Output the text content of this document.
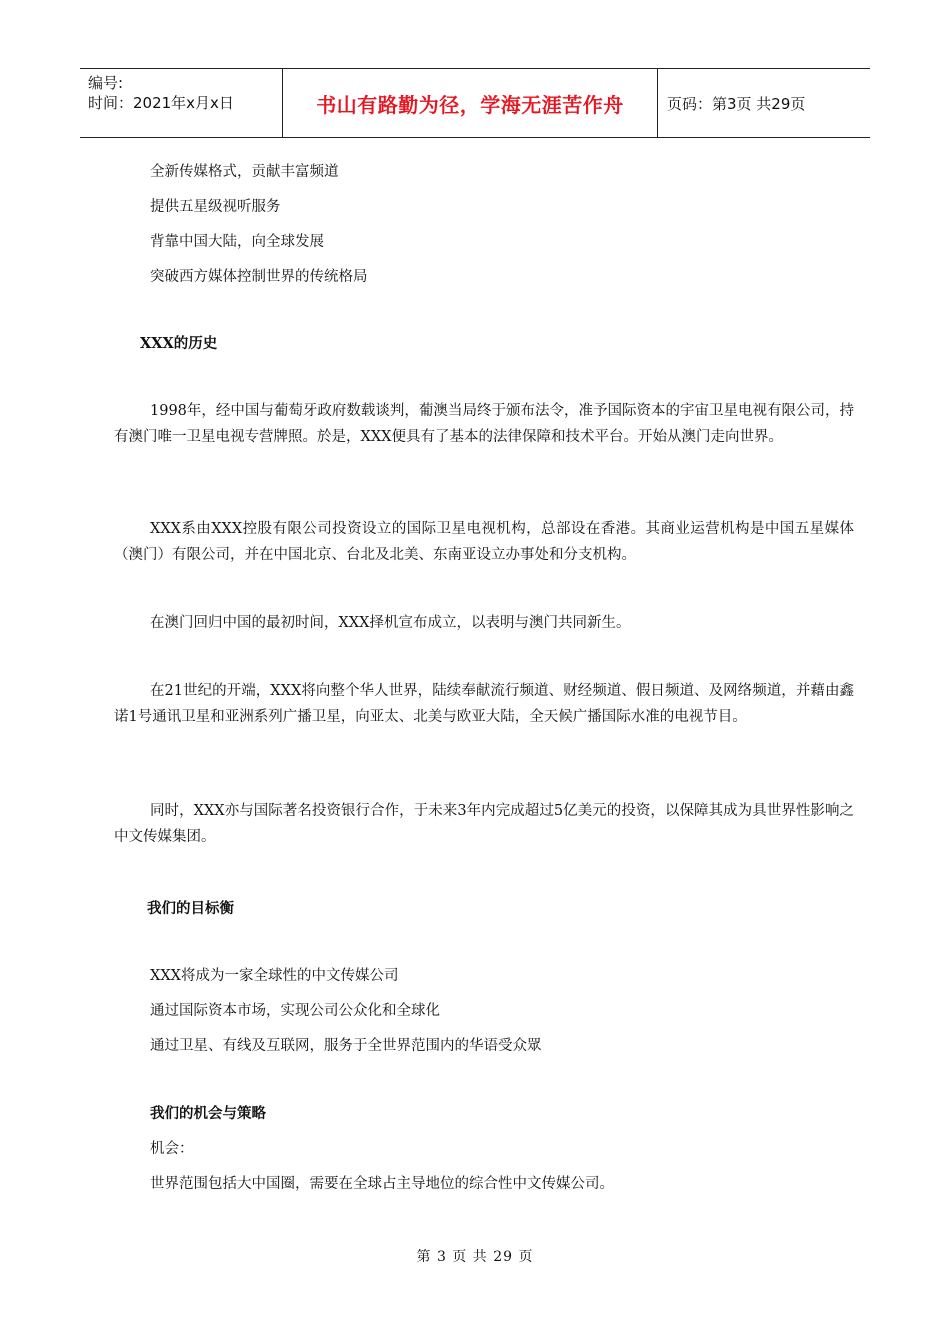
编号:
时间：2021年x月x日	书山有路勤为径，学海无涯苦作舟	页码：第3页 共29页
全新传媒格式，贡献丰富频道
提供五星级视听服务
背靠中国大陆，向全球发展
突破西方媒体控制世界的传统格局
XXX的历史
1998年，经中国与葡萄牙政府数载谈判，葡澳当局终于颁布法令，准予国际资本的宇宙卫星电视有限公司，持有澳门唯一卫星电视专营牌照。於是，XXX便具有了基本的法律保障和技术平台。开始从澳门走向世界。
XXX系由XXX控股有限公司投资设立的国际卫星电视机构，总部设在香港。其商业运营机构是中国五星媒体（澳门）有限公司，并在中国北京、台北及北美、东南亚设立办事处和分支机构。
在澳门回归中国的最初时间，XXX择机宣布成立，以表明与澳门共同新生。
在21世纪的开端，XXX将向整个华人世界，陆续奉献流行频道、财经频道、假日频道、及网络频道，并藉由鑫诺1号通讯卫星和亚洲系列广播卫星，向亚太、北美与欧亚大陆，全天候广播国际水准的电视节目。
同时，XXX亦与国际著名投资银行合作，于未来3年内完成超过5亿美元的投资，以保障其成为具世界性影响之中文传媒集团。
我们的目标衡
XXX将成为一家全球性的中文传媒公司
通过国际资本市场，实现公司公众化和全球化
通过卫星、有线及互联网，服务于全世界范围内的华语受众眾
我们的机会与策略
机会：
世界范围包括大中国圈，需要在全球占主导地位的综合性中文传媒公司。
第 3 页 共 29 页
